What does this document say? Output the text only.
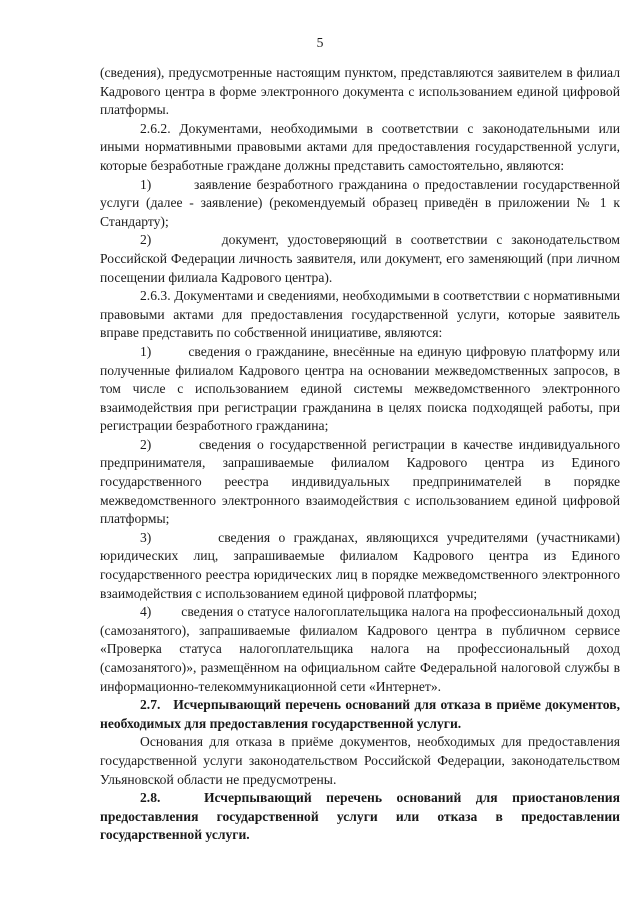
5

(сведения), предусмотренные настоящим пунктом, представляются заявителем в филиал Кадрового центра в форме электронного документа с использованием единой цифровой платформы.

2.6.2. Документами, необходимыми в соответствии с законодательными или иными нормативными правовыми актами для предоставления государственной услуги, которые безработные граждане должны представить самостоятельно, являются:

1)        заявление безработного гражданина о предоставлении государственной услуги (далее - заявление) (рекомендуемый образец приведён в приложении № 1 к Стандарту);

2)        документ, удостоверяющий в соответствии с законодательством Российской Федерации личность заявителя, или документ, его заменяющий (при личном посещении филиала Кадрового центра).

2.6.3. Документами и сведениями, необходимыми в соответствии с нормативными правовыми актами для предоставления государственной услуги, которые заявитель вправе представить по собственной инициативе, являются:

1)        сведения о гражданине, внесённые на единую цифровую платформу или полученные филиалом Кадрового центра на основании межведомственных запросов, в том числе с использованием единой системы межведомственного электронного взаимодействия при регистрации гражданина в целях поиска подходящей работы, при регистрации безработного гражданина;

2)        сведения о государственной регистрации в качестве индивидуального предпринимателя, запрашиваемые филиалом Кадрового центра из Единого государственного реестра индивидуальных предпринимателей в порядке межведомственного электронного взаимодействия с использованием единой цифровой платформы;

3)        сведения о гражданах, являющихся учредителями (участниками) юридических лиц, запрашиваемые филиалом Кадрового центра из Единого государственного реестра юридических лиц в порядке межведомственного электронного взаимодействия с использованием единой цифровой платформы;

4)        сведения о статусе налогоплательщика налога на профессиональный доход (самозанятого), запрашиваемые филиалом Кадрового центра в публичном сервисе «Проверка статуса налогоплательщика налога на профессиональный доход (самозанятого)», размещённом на официальном сайте Федеральной налоговой службы в информационно-телекоммуникационной сети «Интернет».

2.7.   Исчерпывающий перечень оснований для отказа в приёме документов, необходимых для предоставления государственной услуги.

Основания для отказа в приёме документов, необходимых для предоставления государственной услуги законодательством Российской Федерации, законодательством Ульяновской области не предусмотрены.

2.8.   Исчерпывающий перечень оснований для приостановления предоставления государственной услуги или отказа в предоставлении государственной услуги.
